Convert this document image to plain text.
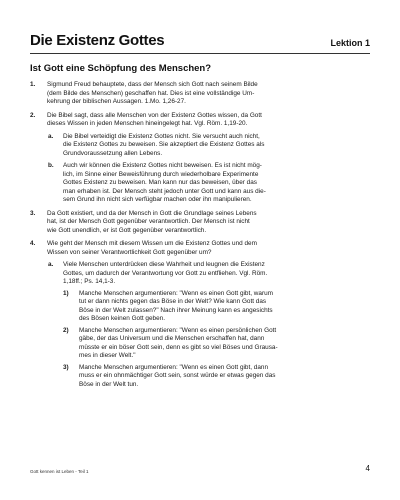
Die Existenz Gottes	Lektion 1
Ist Gott eine Schöpfung des Menschen?
1. Sigmund Freud behauptete, dass der Mensch sich Gott nach seinem Bilde
(dem Bilde des Menschen) geschaffen hat. Dies ist eine vollständige Um-
kehrung der biblischen Aussagen. 1.Mo. 1,26-27.
2. Die Bibel sagt, dass alle Menschen von der Existenz Gottes wissen, da Gott
dieses Wissen in jeden Menschen hineingelegt hat. Vgl. Röm. 1,19-20.
a. Die Bibel verteidigt die Existenz Gottes nicht. Sie versucht auch nicht,
die Existenz Gottes zu beweisen. Sie akzeptiert die Existenz Gottes als
Grundvoraussetzung allen Lebens.
b. Auch wir können die Existenz Gottes nicht beweisen. Es ist nicht mög-
lich, im Sinne einer Beweisführung durch wiederholbare Experimente
Gottes Existenz zu beweisen. Man kann nur das beweisen, über das
man erhaben ist. Der Mensch steht jedoch unter Gott und kann aus die-
sem Grund ihn nicht sich verfügbar machen oder ihn manipulieren.
3. Da Gott existiert, und da der Mensch in Gott die Grundlage seines Lebens
hat, ist der Mensch Gott gegenüber verantwortlich. Der Mensch ist nicht
wie Gott unendlich, er ist Gott gegenüber verantwortlich.
4. Wie geht der Mensch mit diesem Wissen um die Existenz Gottes und dem
Wissen von seiner Verantwortlichkeit Gott gegenüber um?
a. Viele Menschen unterdrücken diese Wahrheit und leugnen die Existenz
Gottes, um dadurch der Verantwortung vor Gott zu entfliehen. Vgl. Röm.
1,18ff.; Ps. 14,1-3.
1) Manche Menschen argumentieren: "Wenn es einen Gott gibt, warum
tut er dann nichts gegen das Böse in der Welt? Wie kann Gott das
Böse in der Welt zulassen?" Nach ihrer Meinung kann es angesichts
des Bösen keinen Gott geben.
2) Manche Menschen argumentieren: "Wenn es einen persönlichen Gott
gäbe, der das Universum und die Menschen erschaffen hat, dann
müsste er ein böser Gott sein, denn es gibt so viel Böses und Grausa-
mes in dieser Welt."
3) Manche Menschen argumentieren: "Wenn es einen Gott gibt, dann
muss er ein ohnmächtiger Gott sein, sonst würde er etwas gegen das
Böse in der Welt tun.
Gott kennen ist Leben - Teil 1	4
